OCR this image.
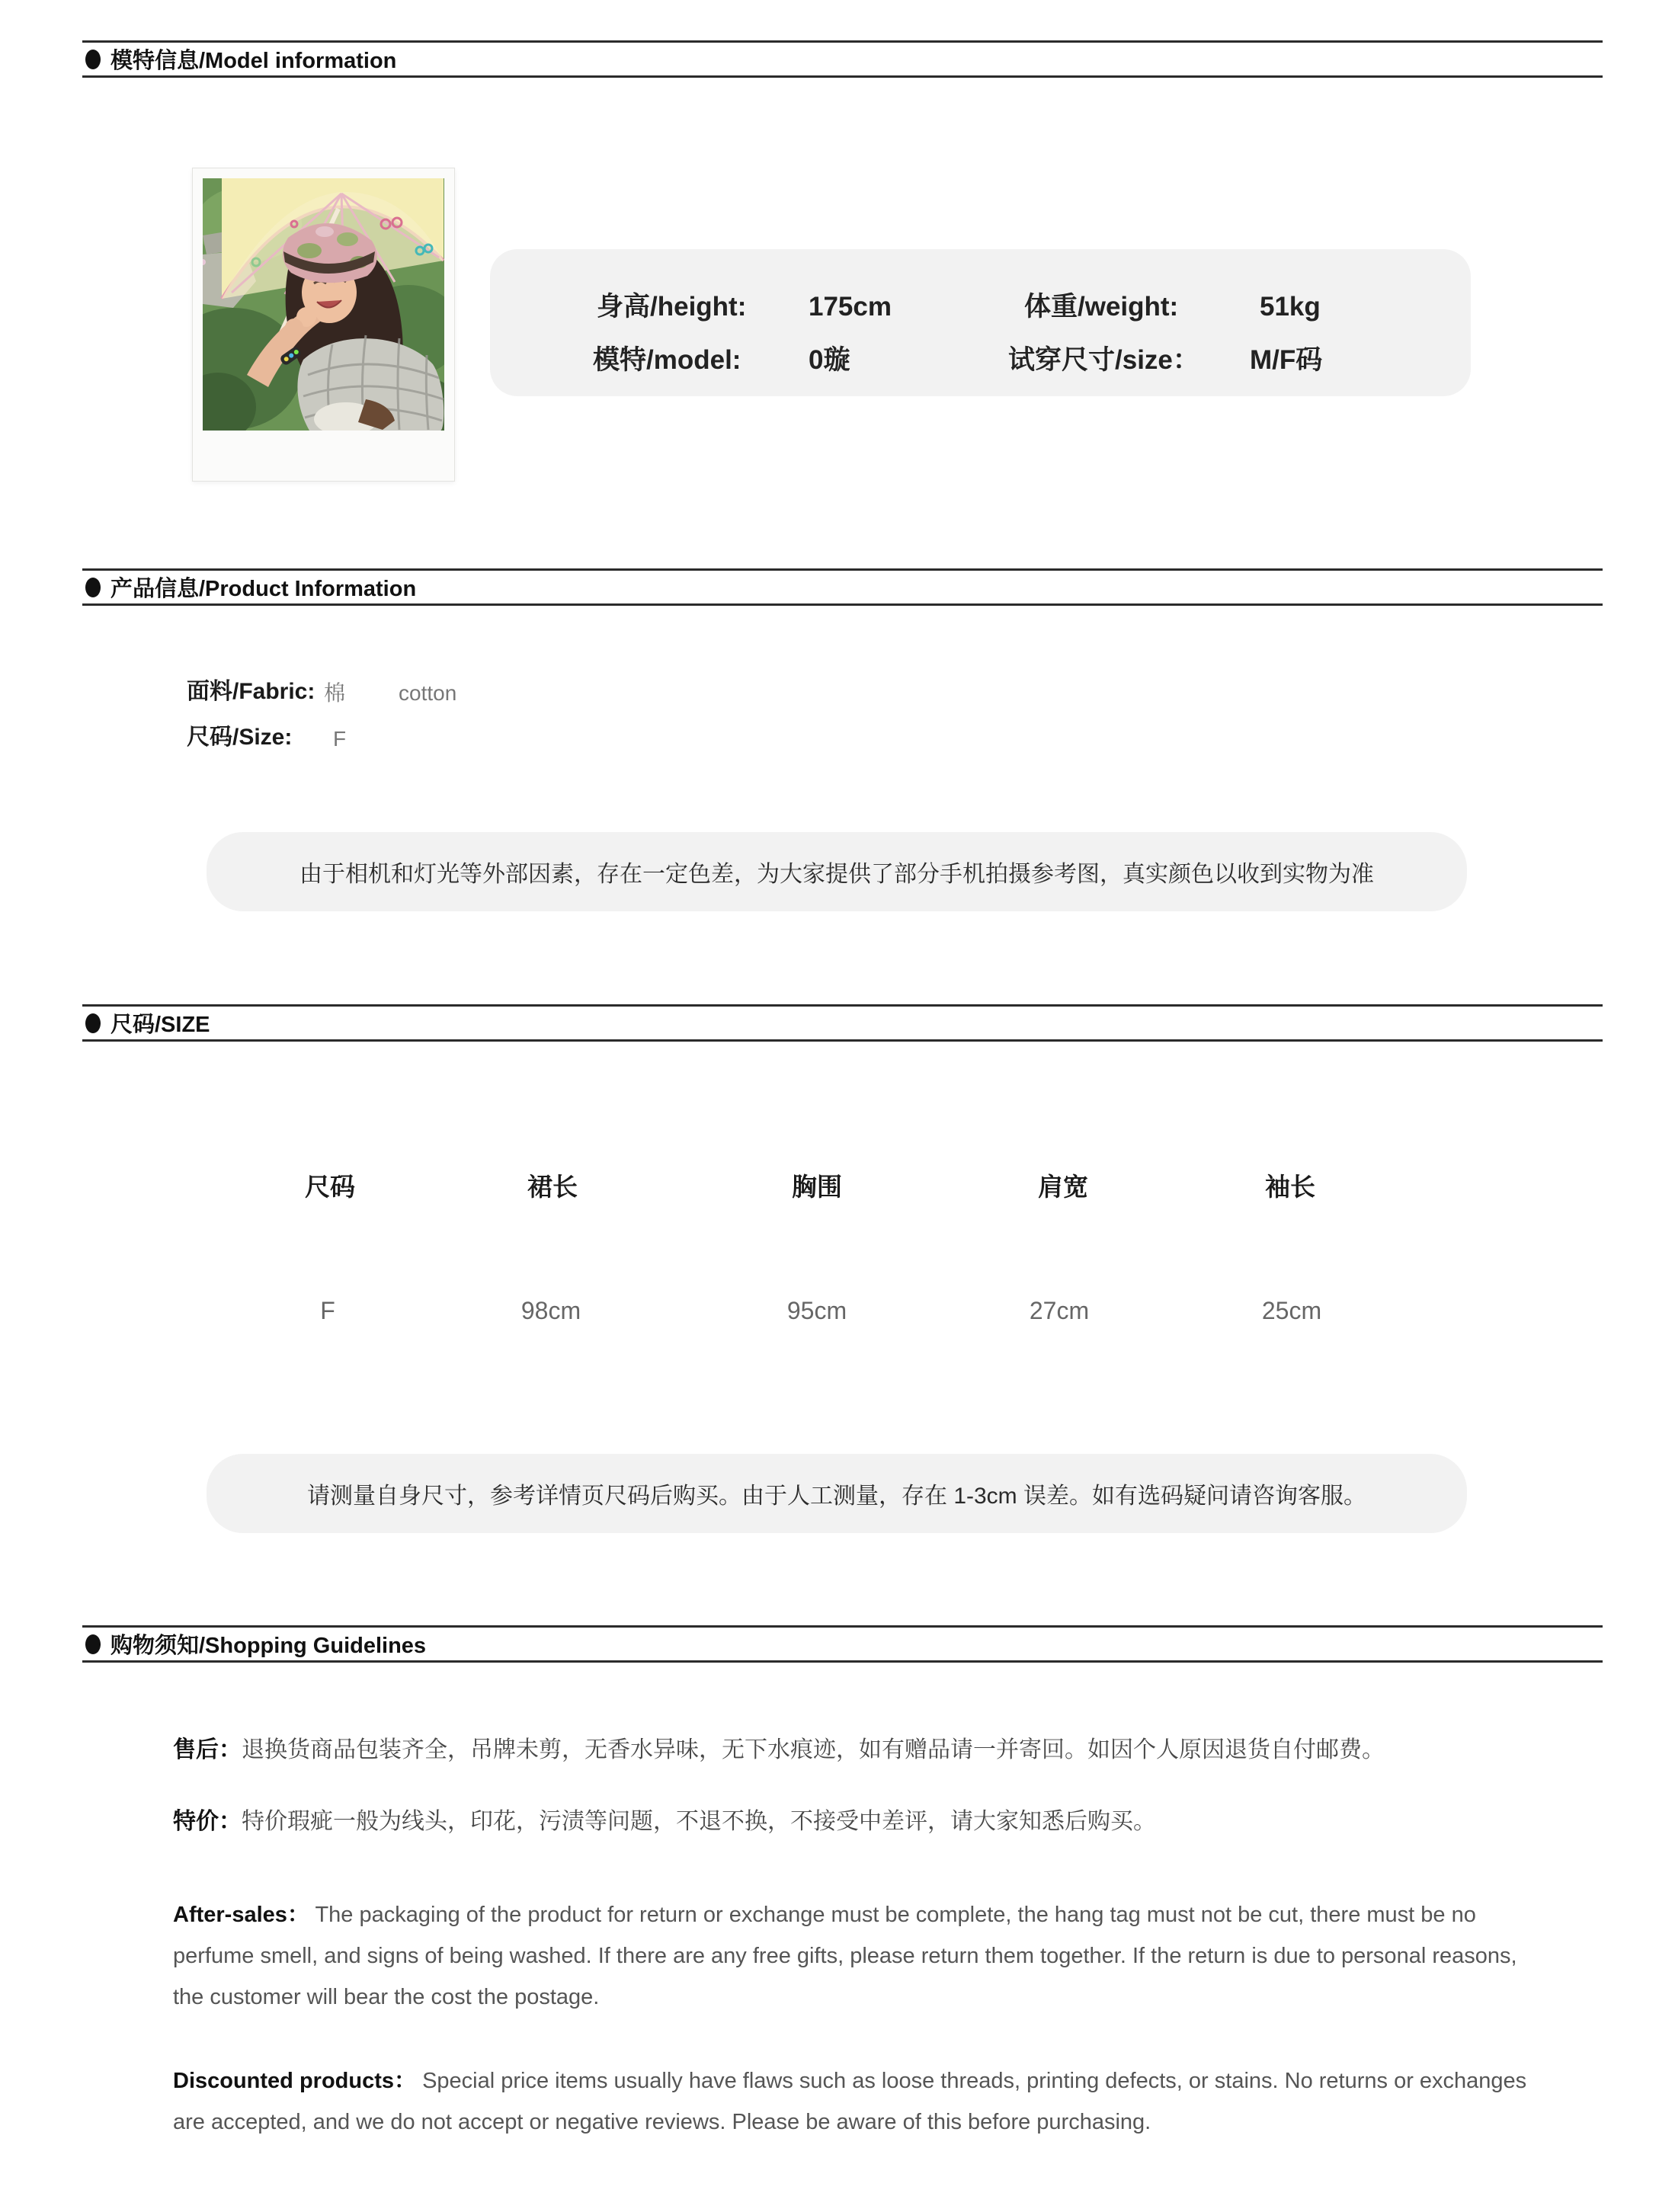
模特信息/Model information
身高/height: 175cm	体重/weight:	51kg
模特/model:	0璇	试穿尺寸/size： M/F码
产品信息/Product Information
面料/Fabric: 棉 cotton
尺码/Size: F
由于相机和灯光等外部因素，存在一定色差，为大家提供了部分手机拍摄参考图，真实颜色以收到实物为准
尺码/SIZE
尺码	裙长	胸围	肩宽	袖长
F	98cm	95cm	27cm	25cm
请测量自身尺寸，参考详情页尺码后购买。由于人工测量，存在 1-3cm 误差。如有选码疑问请咨询客服。
购物须知/Shopping Guidelines
售后：退换货商品包装齐全，吊牌未剪，无香水异味，无下水痕迹，如有赠品请一并寄回。如因个人原因退货自付邮费。
特价：特价瑕疵一般为线头，印花，污渍等问题，不退不换，不接受中差评，请大家知悉后购买。
After-sales： The packaging of the product for return or exchange must be complete, the hang tag must not be cut, there must be no perfume smell, and signs of being washed. If there are any free gifts, please return them together. If the return is due to personal reasons, the customer will bear the cost the postage.
Discounted products： Special price items usually have flaws such as loose threads, printing defects, or stains. No returns or exchanges are accepted, and we do not accept or negative reviews. Please be aware of this before purchasing.
